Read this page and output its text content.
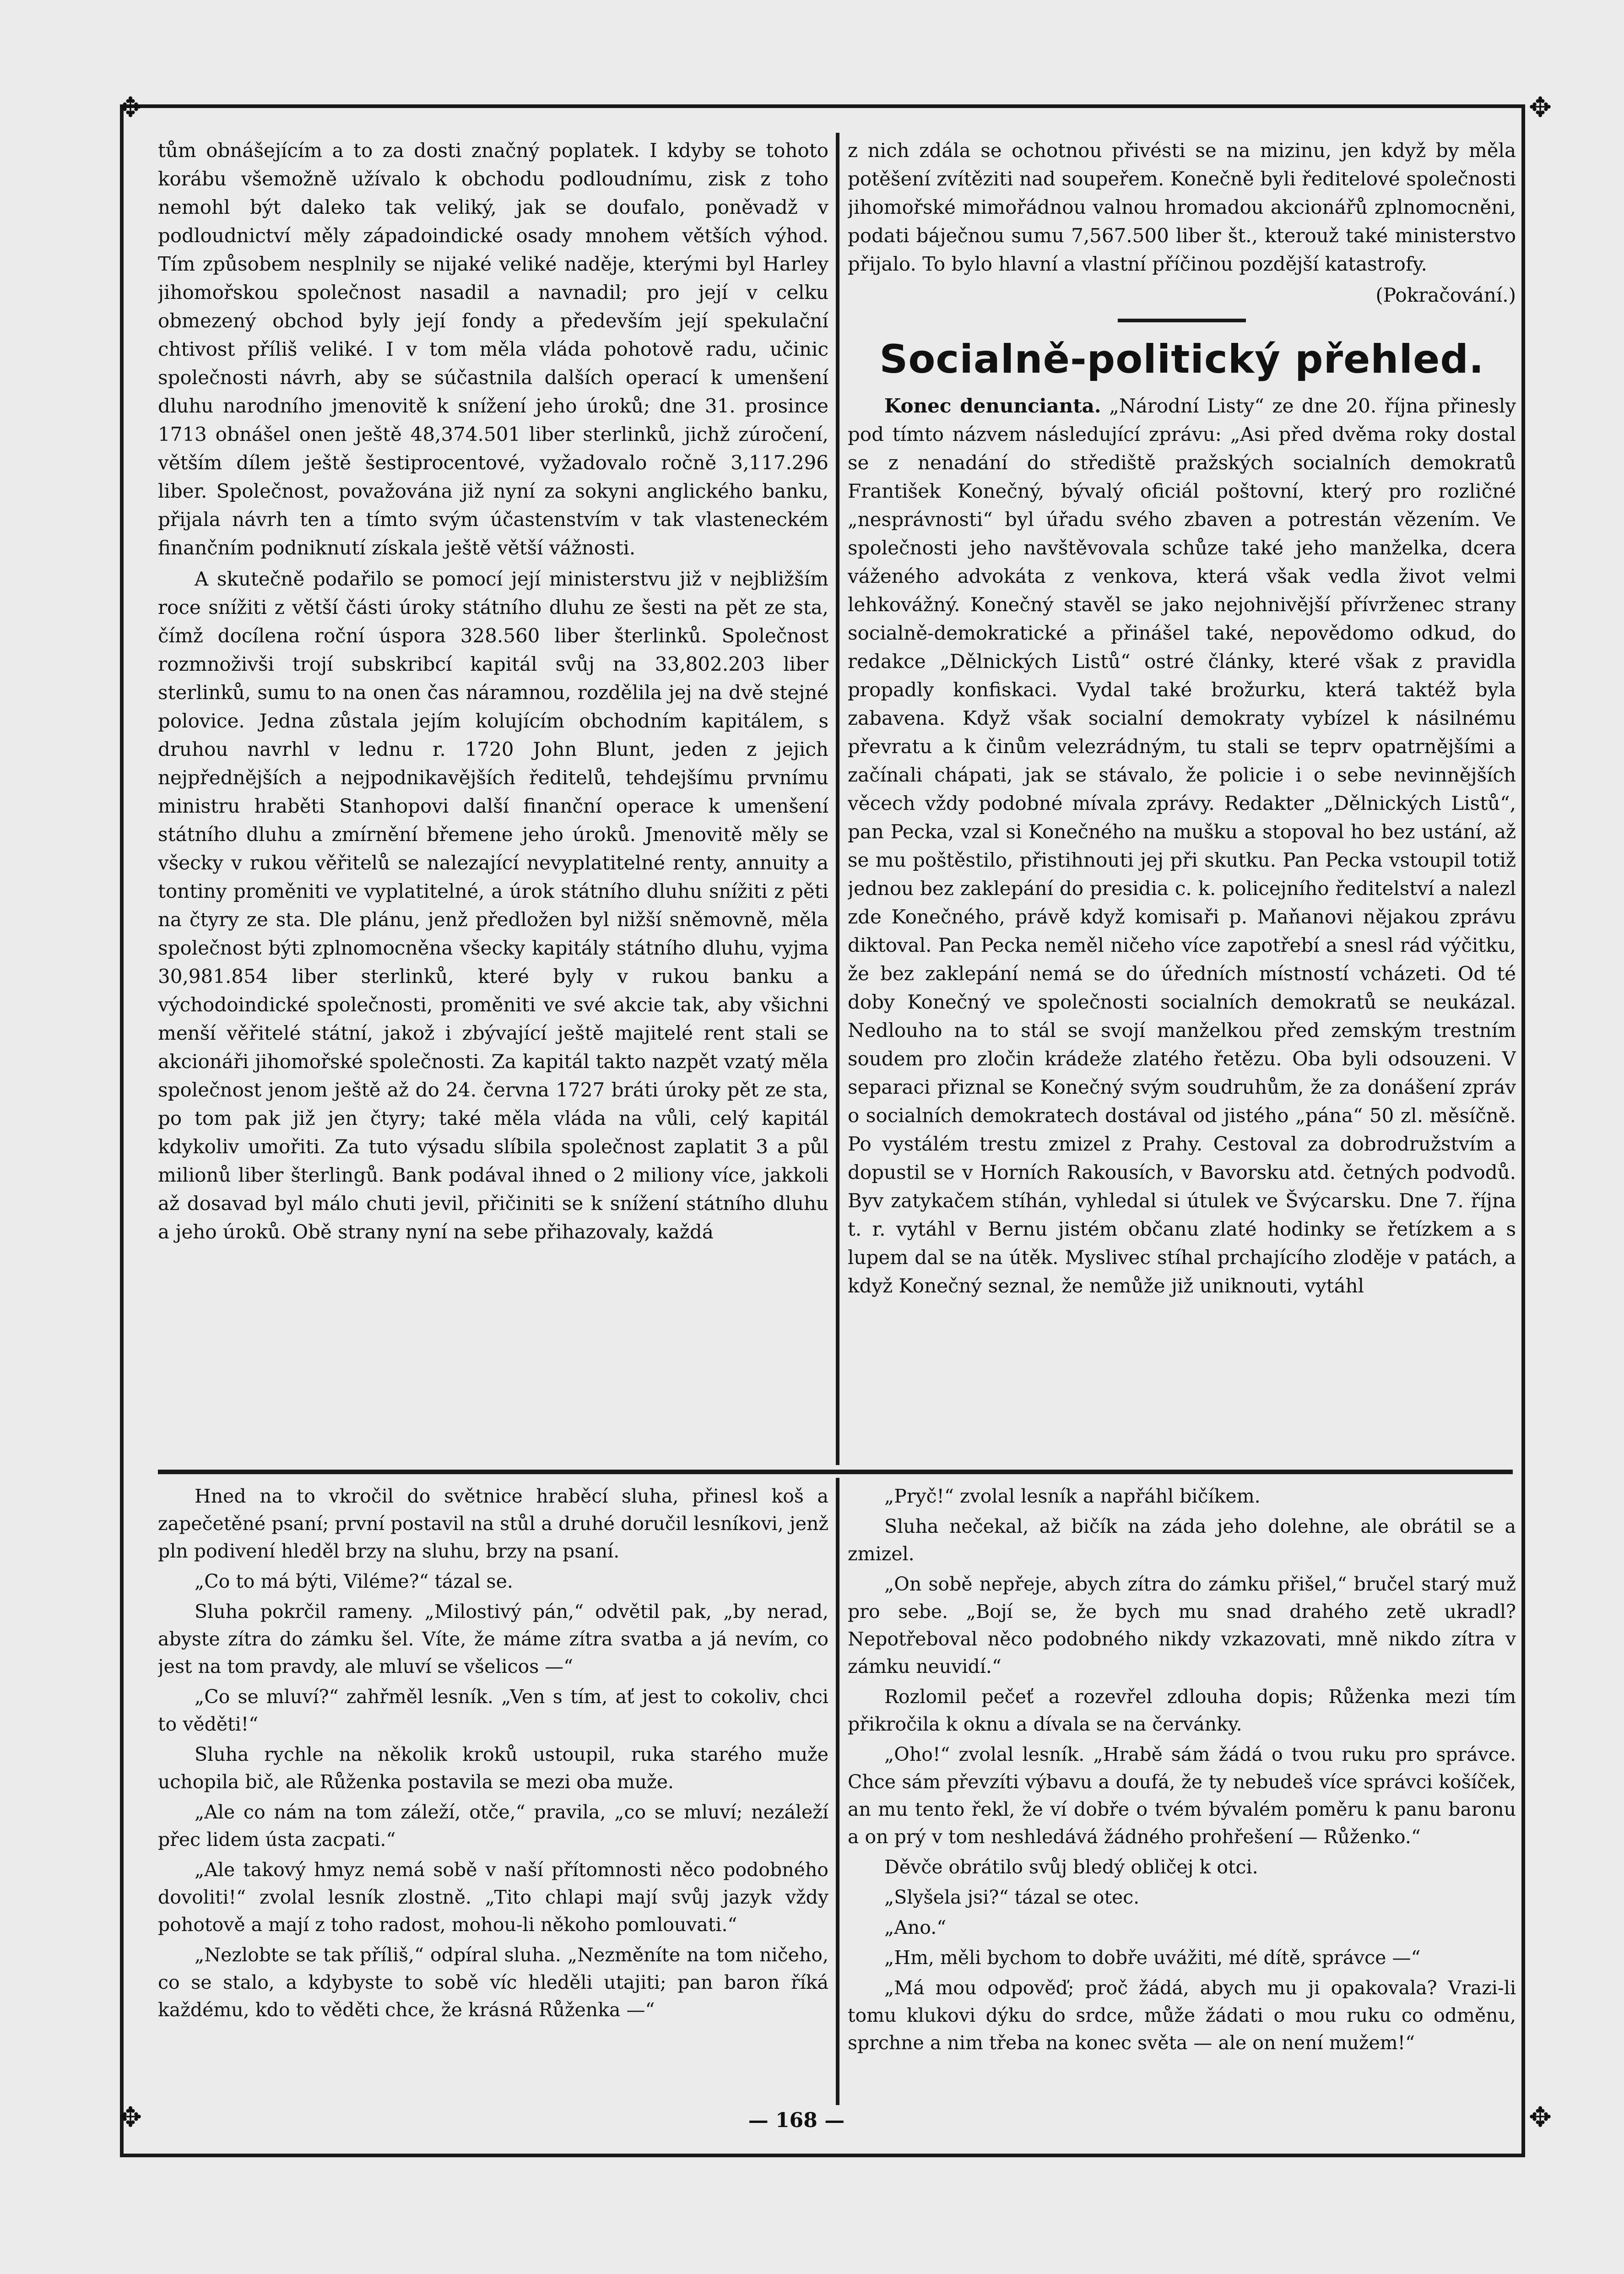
✥	✥
✥	✥

tům obnášejícím a to za dosti značný poplatek. I kdyby se tohoto korábu všemožně užívalo k obchodu podloudnímu, zisk z toho nemohl být daleko tak veliký, jak se doufalo, poněvadž v podloudnictví měly západoindické osady mnohem větších výhod. Tím způsobem nesplnily se nijaké veliké naděje, kterými byl Harley jihomořskou společnost nasadil a navnadil; pro její v celku obmezený obchod byly její fondy a především její spekulační chtivost příliš veliké. I v tom měla vláda pohotově radu, učinic společnosti návrh, aby se súčastnila dalších operací k umenšení dluhu narodního jmenovitě k snížení jeho úroků; dne 31. prosince 1713 obnášel onen ještě 48,374.501 liber sterlinků, jichž zúročení, větším dílem ještě šestiprocentové, vyžadovalo ročně 3,117.296 liber. Společnost, považována již nyní za sokyni anglického banku, přijala návrh ten a tímto svým účastenstvím v tak vlasteneckém finančním podniknutí získala ještě větší vážnosti.

A skutečně podařilo se pomocí její ministerstvu již v nejbližším roce snížiti z větší části úroky státního dluhu ze šesti na pět ze sta, čímž docílena roční úspora 328.560 liber šterlinků. Společnost rozmnoživši trojí subskribcí kapitál svůj na 33,802.203 liber sterlinků, sumu to na onen čas náramnou, rozdělila jej na dvě stejné polovice. Jedna zůstala jejím kolujícím obchodním kapitálem, s druhou navrhl v lednu r. 1720 John Blunt, jeden z jejich nejpřednějších a nejpodnikavějších ředitelů, tehdejšímu prvnímu ministru hraběti Stanhopovi další finanční operace k umenšení státního dluhu a zmírnění břemene jeho úroků. Jmenovitě měly se všecky v rukou věřitelů se nalezající nevyplatitelné renty, annuity a tontiny proměniti ve vyplatitelné, a úrok státního dluhu snížiti z pěti na čtyry ze sta. Dle plánu, jenž předložen byl nižší sněmovně, měla společnost býti zplnomocněna všecky kapitály státního dluhu, vyjma 30,981.854 liber sterlinků, které byly v rukou banku a východoindické společnosti, proměniti ve své akcie tak, aby všichni menší věřitelé státní, jakož i zbývající ještě majitelé rent stali se akcionáři jihomořské společnosti. Za kapitál takto nazpět vzatý měla společnost jenom ještě až do 24. června 1727 bráti úroky pět ze sta, po tom pak již jen čtyry; také měla vláda na vůli, celý kapitál kdykoliv umořiti. Za tuto výsadu slíbila společnost zaplatit 3 a půl milionů liber šterlingů. Bank podával ihned o 2 miliony více, jakkoli až dosavad byl málo chuti jevil, přičiniti se k snížení státního dluhu a jeho úroků. Obě strany nyní na sebe přihazovaly, každá

z nich zdála se ochotnou přivésti se na mizinu, jen když by měla potěšení zvítěziti nad soupeřem. Konečně byli ředitelové společnosti jihomořské mimořádnou valnou hromadou akcionářů zplnomocněni, podati báječnou sumu 7,567.500 liber št., kterouž také ministerstvo přijalo. To bylo hlavní a vlastní příčinou pozdější katastrofy.

(Pokračování.)

Socialně-politický přehled.

Konec denuncianta. „Národní Listy“ ze dne 20. října přinesly pod tímto názvem následující zprávu: „Asi před dvěma roky dostal se z nenadání do střediště pražských socialních demokratů František Konečný, bývalý oficiál poštovní, který pro rozličné „nesprávnosti“ byl úřadu svého zbaven a potrestán vězením. Ve společnosti jeho navštěvovala schůze také jeho manželka, dcera váženého advokáta z venkova, která však vedla život velmi lehkovážný. Konečný stavěl se jako nejohnivější přívrženec strany socialně-demokratické a přinášel také, nepovědomo odkud, do redakce „Dělnických Listů“ ostré články, které však z pravidla propadly konfiskaci. Vydal také brožurku, která taktéž byla zabavena. Když však socialní demokraty vybízel k násilnému převratu a k činům velezrádným, tu stali se teprv opatrnějšími a začínali chápati, jak se stávalo, že policie i o sebe nevinnějších věcech vždy podobné mívala zprávy. Redakter „Dělnických Listů“, pan Pecka, vzal si Konečného na mušku a stopoval ho bez ustání, až se mu poštěstilo, přistihnouti jej při skutku. Pan Pecka vstoupil totiž jednou bez zaklepání do presidia c. k. policejního ředitelství a nalezl zde Konečného, právě když komisaři p. Maňanovi nějakou zprávu diktoval. Pan Pecka neměl ničeho více zapotřebí a snesl rád výčitku, že bez zaklepání nemá se do úředních místností vcházeti. Od té doby Konečný ve společnosti socialních demokratů se neukázal. Nedlouho na to stál se svojí manželkou před zemským trestním soudem pro zločin krádeže zlatého řetězu. Oba byli odsouzeni. V separaci přiznal se Konečný svým soudruhům, že za donášení zpráv o socialních demokratech dostával od jistého „pána“ 50 zl. měsíčně. Po vystálém trestu zmizel z Prahy. Cestoval za dobrodružstvím a dopustil se v Horních Rakousích, v Bavorsku atd. četných podvodů. Byv zatykačem stíhán, vyhledal si útulek ve Švýcarsku. Dne 7. října t. r. vytáhl v Bernu jistém občanu zlaté hodinky se řetízkem a s lupem dal se na útěk. Myslivec stíhal prchajícího zloděje v patách, a když Konečný seznal, že nemůže již uniknouti, vytáhl

Hned na to vkročil do světnice hraběcí sluha, přinesl koš a zapečetěné psaní; první postavil na stůl a druhé doručil lesníkovi, jenž pln podivení hleděl brzy na sluhu, brzy na psaní.

„Co to má býti, Viléme?“ tázal se.

Sluha pokrčil rameny. „Milostivý pán,“ odvětil pak, „by nerad, abyste zítra do zámku šel. Víte, že máme zítra svatba a já nevím, co jest na tom pravdy, ale mluví se všelicos —“

„Co se mluví?“ zahřměl lesník. „Ven s tím, ať jest to cokoliv, chci to věděti!“

Sluha rychle na několik kroků ustoupil, ruka starého muže uchopila bič, ale Růženka postavila se mezi oba muže.

„Ale co nám na tom záleží, otče,“ pravila, „co se mluví; nezáleží přec lidem ústa zacpati.“

„Ale takový hmyz nemá sobě v naší přítomnosti něco podobného dovoliti!“ zvolal lesník zlostně. „Tito chlapi mají svůj jazyk vždy pohotově a mají z toho radost, mohou-li někoho pomlouvati.“

„Nezlobte se tak příliš,“ odpíral sluha. „Nezměníte na tom ničeho, co se stalo, a kdybyste to sobě víc hleděli utajiti; pan baron říká každému, kdo to věděti chce, že krásná Růženka —“

„Pryč!“ zvolal lesník a napřáhl bičíkem.

Sluha nečekal, až bičík na záda jeho dolehne, ale obrátil se a zmizel.

„On sobě nepřeje, abych zítra do zámku přišel,“ bručel starý muž pro sebe. „Bojí se, že bych mu snad drahého zetě ukradl? Nepotřeboval něco podobného nikdy vzkazovati, mně nikdo zítra v zámku neuvidí.“

Rozlomil pečeť a rozevřel zdlouha dopis; Růženka mezi tím přikročila k oknu a dívala se na červánky.

„Oho!“ zvolal lesník. „Hrabě sám žádá o tvou ruku pro správce. Chce sám převzíti výbavu a doufá, že ty nebudeš více správci košíček, an mu tento řekl, že ví dobře o tvém bývalém poměru k panu baronu a on prý v tom neshledává žádného prohřešení — Růženko.“

Děvče obrátilo svůj bledý obličej k otci.

„Slyšela jsi?“ tázal se otec.

„Ano.“

„Hm, měli bychom to dobře uvážiti, mé dítě, správce —“

„Má mou odpověď; proč žádá, abych mu ji opakovala? Vrazi-li tomu klukovi dýku do srdce, může žádati o mou ruku co odměnu, sprchne a nim třeba na konec světa — ale on není mužem!“

— 168 —
